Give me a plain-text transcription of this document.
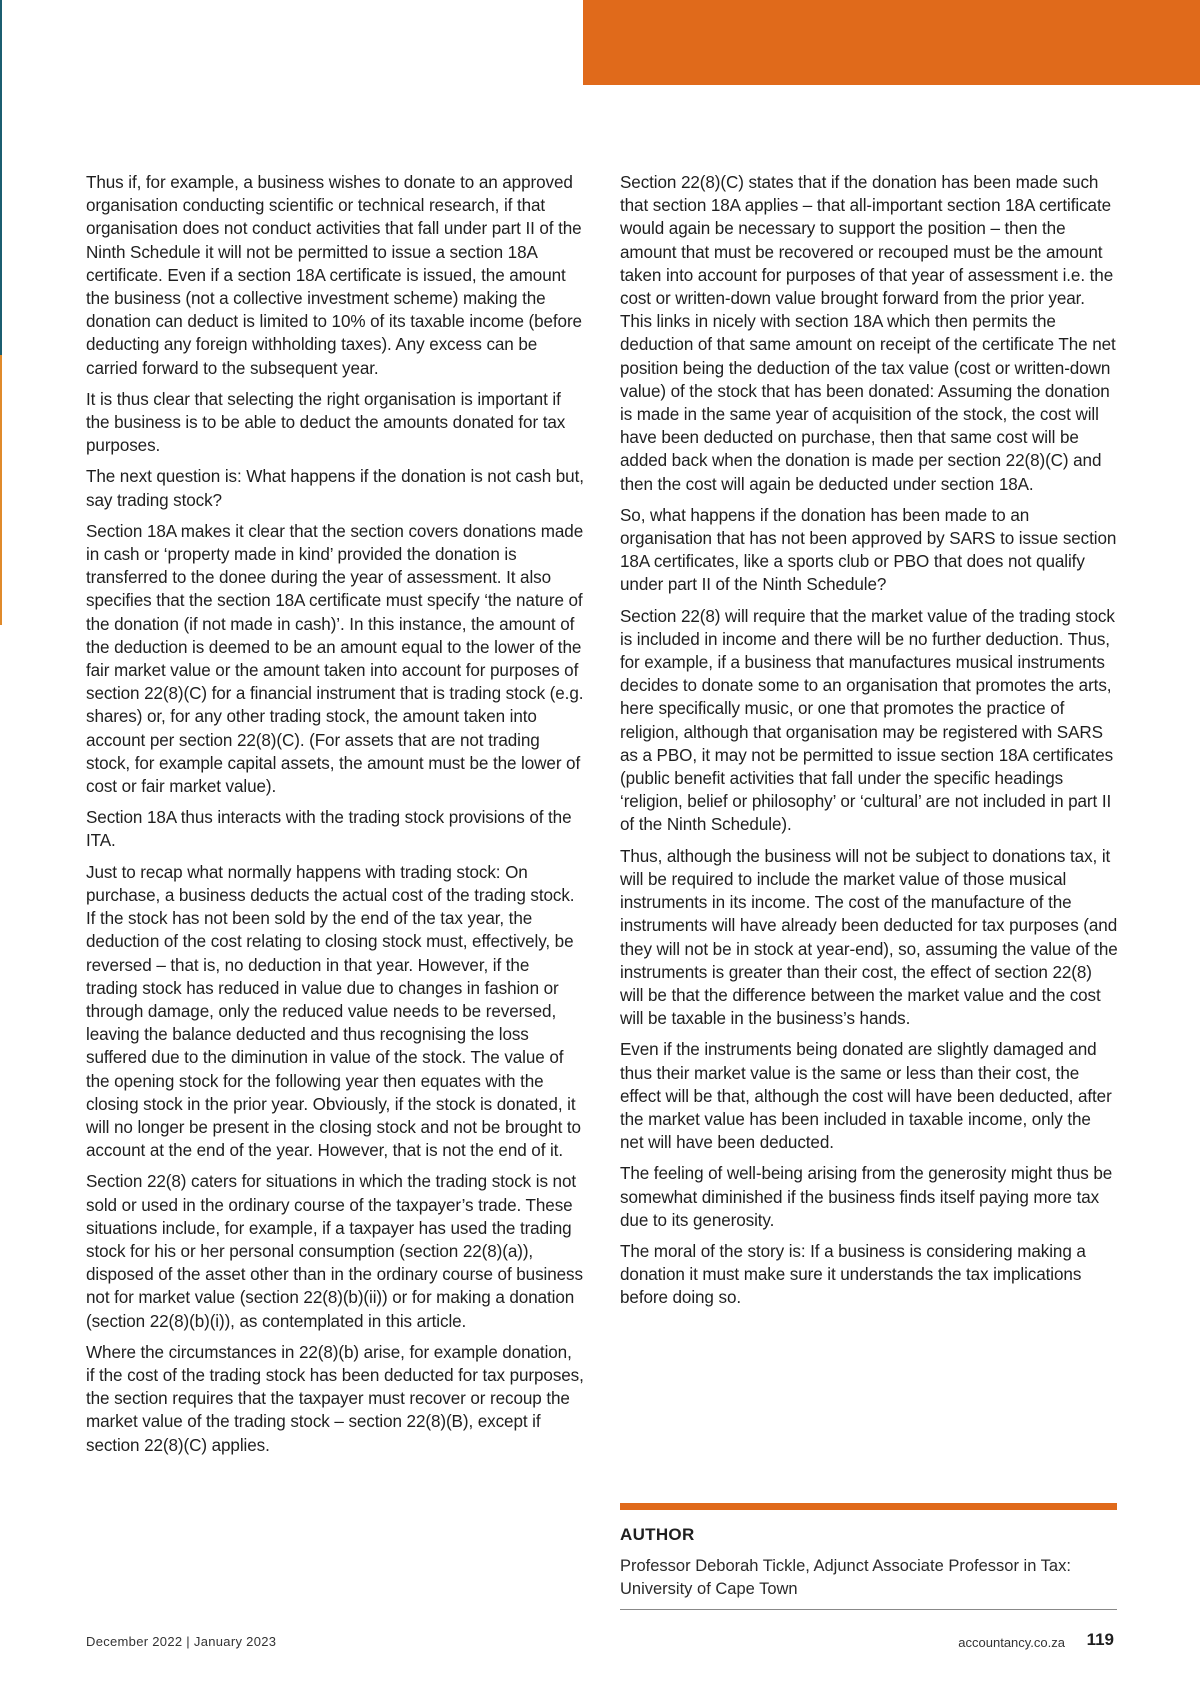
Thus if, for example, a business wishes to donate to an approved organisation conducting scientific or technical research, if that organisation does not conduct activities that fall under part II of the Ninth Schedule it will not be permitted to issue a section 18A certificate. Even if a section 18A certificate is issued, the amount the business (not a collective investment scheme) making the donation can deduct is limited to 10% of its taxable income (before deducting any foreign withholding taxes). Any excess can be carried forward to the subsequent year.

It is thus clear that selecting the right organisation is important if the business is to be able to deduct the amounts donated for tax purposes.

The next question is: What happens if the donation is not cash but, say trading stock?

Section 18A makes it clear that the section covers donations made in cash or ‘property made in kind’ provided the donation is transferred to the donee during the year of assessment. It also specifies that the section 18A certificate must specify ‘the nature of the donation (if not made in cash)’. In this instance, the amount of the deduction is deemed to be an amount equal to the lower of the fair market value or the amount taken into account for purposes of section 22(8)(C) for a financial instrument that is trading stock (e.g. shares) or, for any other trading stock, the amount taken into account per section 22(8)(C). (For assets that are not trading stock, for example capital assets, the amount must be the lower of cost or fair market value).

Section 18A thus interacts with the trading stock provisions of the ITA.

Just to recap what normally happens with trading stock: On purchase, a business deducts the actual cost of the trading stock. If the stock has not been sold by the end of the tax year, the deduction of the cost relating to closing stock must, effectively, be reversed – that is, no deduction in that year. However, if the trading stock has reduced in value due to changes in fashion or through damage, only the reduced value needs to be reversed, leaving the balance deducted and thus recognising the loss suffered due to the diminution in value of the stock. The value of the opening stock for the following year then equates with the closing stock in the prior year. Obviously, if the stock is donated, it will no longer be present in the closing stock and not be brought to account at the end of the year. However, that is not the end of it.

Section 22(8) caters for situations in which the trading stock is not sold or used in the ordinary course of the taxpayer’s trade. These situations include, for example, if a taxpayer has used the trading stock for his or her personal consumption (section 22(8)(a)), disposed of the asset other than in the ordinary course of business not for market value (section 22(8)(b)(ii)) or for making a donation (section 22(8)(b)(i)), as contemplated in this article.

Where the circumstances in 22(8)(b) arise, for example donation, if the cost of the trading stock has been deducted for tax purposes, the section requires that the taxpayer must recover or recoup the market value of the trading stock – section 22(8)(B), except if section 22(8)(C) applies.

Section 22(8)(C) states that if the donation has been made such that section 18A applies – that all-important section 18A certificate would again be necessary to support the position – then the amount that must be recovered or recouped must be the amount taken into account for purposes of that year of assessment i.e. the cost or written-down value brought forward from the prior year. This links in nicely with section 18A which then permits the deduction of that same amount on receipt of the certificate The net position being the deduction of the tax value (cost or written-down value) of the stock that has been donated: Assuming the donation is made in the same year of acquisition of the stock, the cost will have been deducted on purchase, then that same cost will be added back when the donation is made per section 22(8)(C) and then the cost will again be deducted under section 18A.

So, what happens if the donation has been made to an organisation that has not been approved by SARS to issue section 18A certificates, like a sports club or PBO that does not qualify under part II of the Ninth Schedule?

Section 22(8) will require that the market value of the trading stock is included in income and there will be no further deduction. Thus, for example, if a business that manufactures musical instruments decides to donate some to an organisation that promotes the arts, here specifically music, or one that promotes the practice of religion, although that organisation may be registered with SARS as a PBO, it may not be permitted to issue section 18A certificates (public benefit activities that fall under the specific headings ‘religion, belief or philosophy’ or ‘cultural’ are not included in part II of the Ninth Schedule).

Thus, although the business will not be subject to donations tax, it will be required to include the market value of those musical instruments in its income. The cost of the manufacture of the instruments will have already been deducted for tax purposes (and they will not be in stock at year-end), so, assuming the value of the instruments is greater than their cost, the effect of section 22(8) will be that the difference between the market value and the cost will be taxable in the business’s hands.

Even if the instruments being donated are slightly damaged and thus their market value is the same or less than their cost, the effect will be that, although the cost will have been deducted, after the market value has been included in taxable income, only the net will have been deducted.

The feeling of well-being arising from the generosity might thus be somewhat diminished if the business finds itself paying more tax due to its generosity.

The moral of the story is: If a business is considering making a donation it must make sure it understands the tax implications before doing so.

AUTHOR
Professor Deborah Tickle, Adjunct Associate Professor in Tax: University of Cape Town
December 2022 | January 2023	accountancy.co.za 119
